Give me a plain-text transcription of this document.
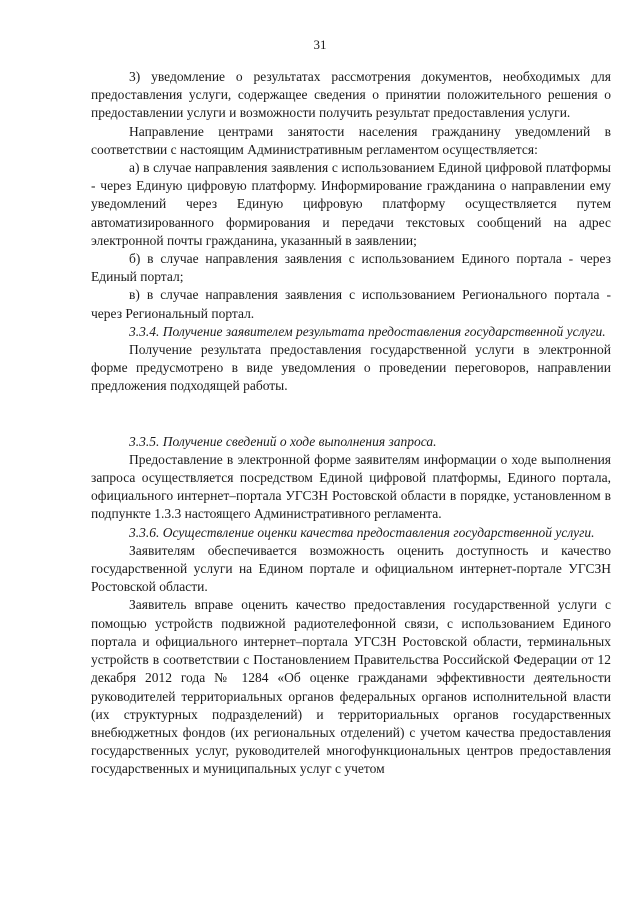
31

3) уведомление о результатах рассмотрения документов, необходимых для предоставления услуги, содержащее сведения о принятии положительного решения о предоставлении услуги и возможности получить результат предоставления услуги.

Направление центрами занятости населения гражданину уведомлений в соответствии с настоящим Административным регламентом осуществляется:

а) в случае направления заявления с использованием Единой цифровой платформы - через Единую цифровую платформу. Информирование гражданина о направлении ему уведомлений через Единую цифровую платформу осуществляется путем автоматизированного формирования и передачи текстовых сообщений на адрес электронной почты гражданина, указанный в заявлении;

б) в случае направления заявления с использованием Единого портала - через Единый портал;

в) в случае направления заявления с использованием Регионального портала - через Региональный портал.

3.3.4. Получение заявителем результата предоставления государственной услуги.

Получение результата предоставления государственной услуги в электронной форме предусмотрено в виде уведомления о проведении переговоров, направлении предложения подходящей работы.

3.3.5. Получение сведений о ходе выполнения запроса.

Предоставление в электронной форме заявителям информации о ходе выполнения запроса осуществляется посредством Единой цифровой платформы, Единого портала, официального интернет–портала УГСЗН Ростовской области в порядке, установленном в подпункте 1.3.3 настоящего Административного регламента.

3.3.6. Осуществление оценки качества предоставления государственной услуги.

Заявителям обеспечивается возможность оценить доступность и качество государственной услуги на Едином портале и официальном интернет-портале УГСЗН Ростовской области.

Заявитель вправе оценить качество предоставления государственной услуги с помощью устройств подвижной радиотелефонной связи, с использованием Единого портала и официального интернет–портала УГСЗН Ростовской области, терминальных устройств в соответствии с Постановлением Правительства Российской Федерации от 12 декабря 2012 года № 1284 «Об оценке гражданами эффективности деятельности руководителей территориальных органов федеральных органов исполнительной власти (их структурных подразделений) и территориальных органов государственных внебюджетных фондов (их региональных отделений) с учетом качества предоставления государственных услуг, руководителей многофункциональных центров предоставления государственных и муниципальных услуг с учетом
